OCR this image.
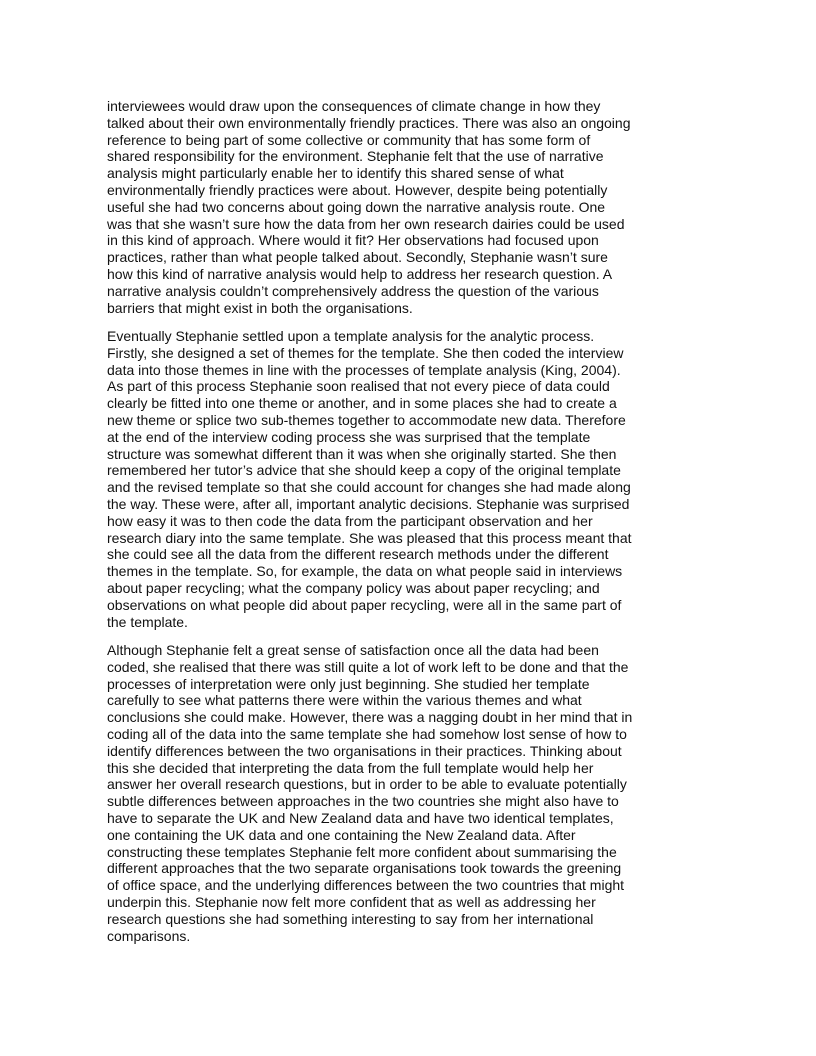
interviewees would draw upon the consequences of climate change in how they
talked about their own environmentally friendly practices. There was also an ongoing
reference to being part of some collective or community that has some form of
shared responsibility for the environment. Stephanie felt that the use of narrative
analysis might particularly enable her to identify this shared sense of what
environmentally friendly practices were about. However, despite being potentially
useful she had two concerns about going down the narrative analysis route. One
was that she wasn’t sure how the data from her own research dairies could be used
in this kind of approach. Where would it fit? Her observations had focused upon
practices, rather than what people talked about. Secondly, Stephanie wasn’t sure
how this kind of narrative analysis would help to address her research question. A
narrative analysis couldn’t comprehensively address the question of the various
barriers that might exist in both the organisations.
Eventually Stephanie settled upon a template analysis for the analytic process.
Firstly, she designed a set of themes for the template. She then coded the interview
data into those themes in line with the processes of template analysis (King, 2004).
As part of this process Stephanie soon realised that not every piece of data could
clearly be fitted into one theme or another, and in some places she had to create a
new theme or splice two sub-themes together to accommodate new data. Therefore
at the end of the interview coding process she was surprised that the template
structure was somewhat different than it was when she originally started. She then
remembered her tutor’s advice that she should keep a copy of the original template
and the revised template so that she could account for changes she had made along
the way. These were, after all, important analytic decisions. Stephanie was surprised
how easy it was to then code the data from the participant observation and her
research diary into the same template. She was pleased that this process meant that
she could see all the data from the different research methods under the different
themes in the template. So, for example, the data on what people said in interviews
about paper recycling; what the company policy was about paper recycling; and
observations on what people did about paper recycling, were all in the same part of
the template.
Although Stephanie felt a great sense of satisfaction once all the data had been
coded, she realised that there was still quite a lot of work left to be done and that the
processes of interpretation were only just beginning. She studied her template
carefully to see what patterns there were within the various themes and what
conclusions she could make. However, there was a nagging doubt in her mind that in
coding all of the data into the same template she had somehow lost sense of how to
identify differences between the two organisations in their practices. Thinking about
this she decided that interpreting the data from the full template would help her
answer her overall research questions, but in order to be able to evaluate potentially
subtle differences between approaches in the two countries she might also have to
have to separate the UK and New Zealand data and have two identical templates,
one containing the UK data and one containing the New Zealand data. After
constructing these templates Stephanie felt more confident about summarising the
different approaches that the two separate organisations took towards the greening
of office space, and the underlying differences between the two countries that might
underpin this. Stephanie now felt more confident that as well as addressing her
research questions she had something interesting to say from her international
comparisons.
